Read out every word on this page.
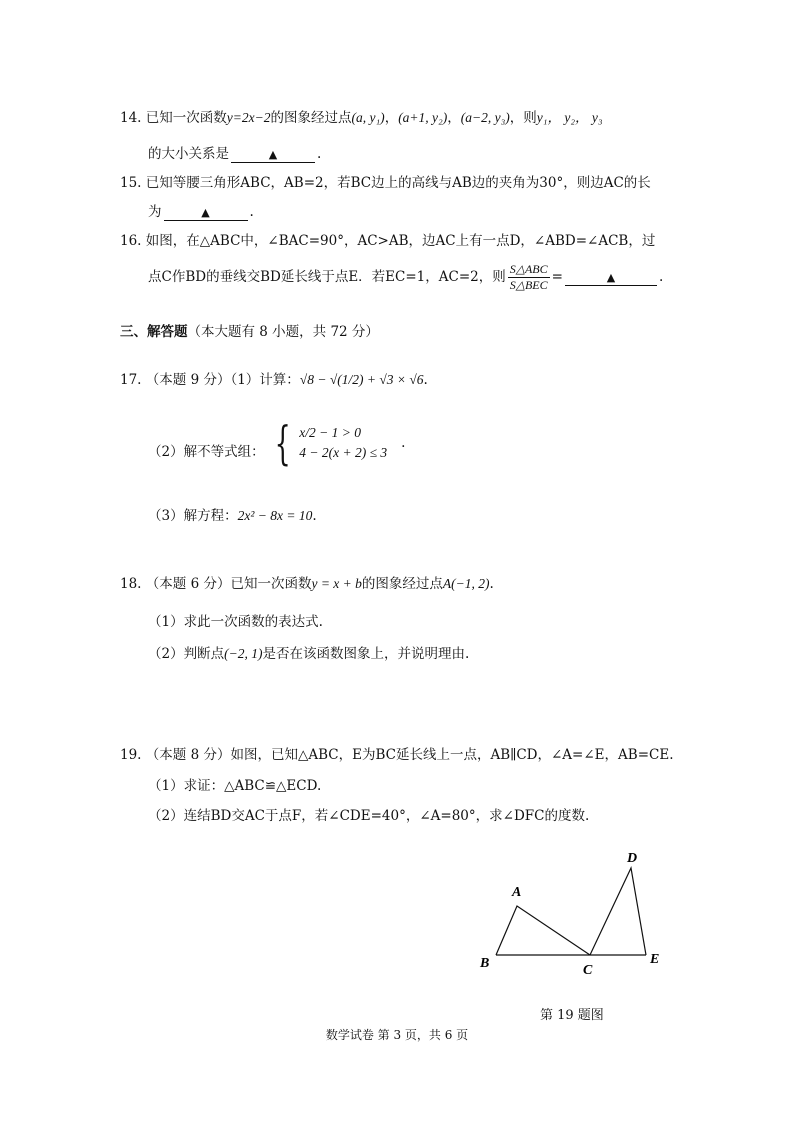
14. 已知一次函数y=2x−2的图象经过点(a, y₁)，(a+1, y₂)，(a−2, y₃)，则y₁， y₂， y₃
的大小关系是	▲	.
15. 已知等腰三角形ABC，AB=2，若BC边上的高线与AB边的夹角为30°，则边AC的长
为	▲	.
16. 如图，在△ABC中，∠BAC=90°，AC>AB，边AC上有一点D，∠ABD=∠ACB，过
点C作BD的垂线交BD延长线于点E．若EC=1，AC=2，则 $\frac{\text{S△ABC}}{\text{S△BEC}}$ =	▲	.
三、解答题（本大题有 8 小题，共 72 分）
17. （本题 9 分）（1）计算：√8 − √(1/2) + √3 × √6.
（2）解不等式组： { x/2 − 1 > 0
4 − 2(x + 2) ≤ 3
.
（3）解方程：2x² − 8x = 10.
18. （本题 6 分）已知一次函数y = x + b的图象经过点A(−1, 2).
（1）求此一次函数的表达式.
（2）判断点(−2, 1)是否在该函数图象上，并说明理由.
19. （本题 8 分）如图，已知△ABC，E为BC延长线上一点，AB∥CD，∠A=∠E，AB=CE.
（1）求证：△ABC≌△ECD.
（2）连结BD交AC于点F，若∠CDE=40°，∠A=80°，求∠DFC的度数.
A
B	C
D
E
第 19 题图
数学试卷 第 3 页，共 6 页
